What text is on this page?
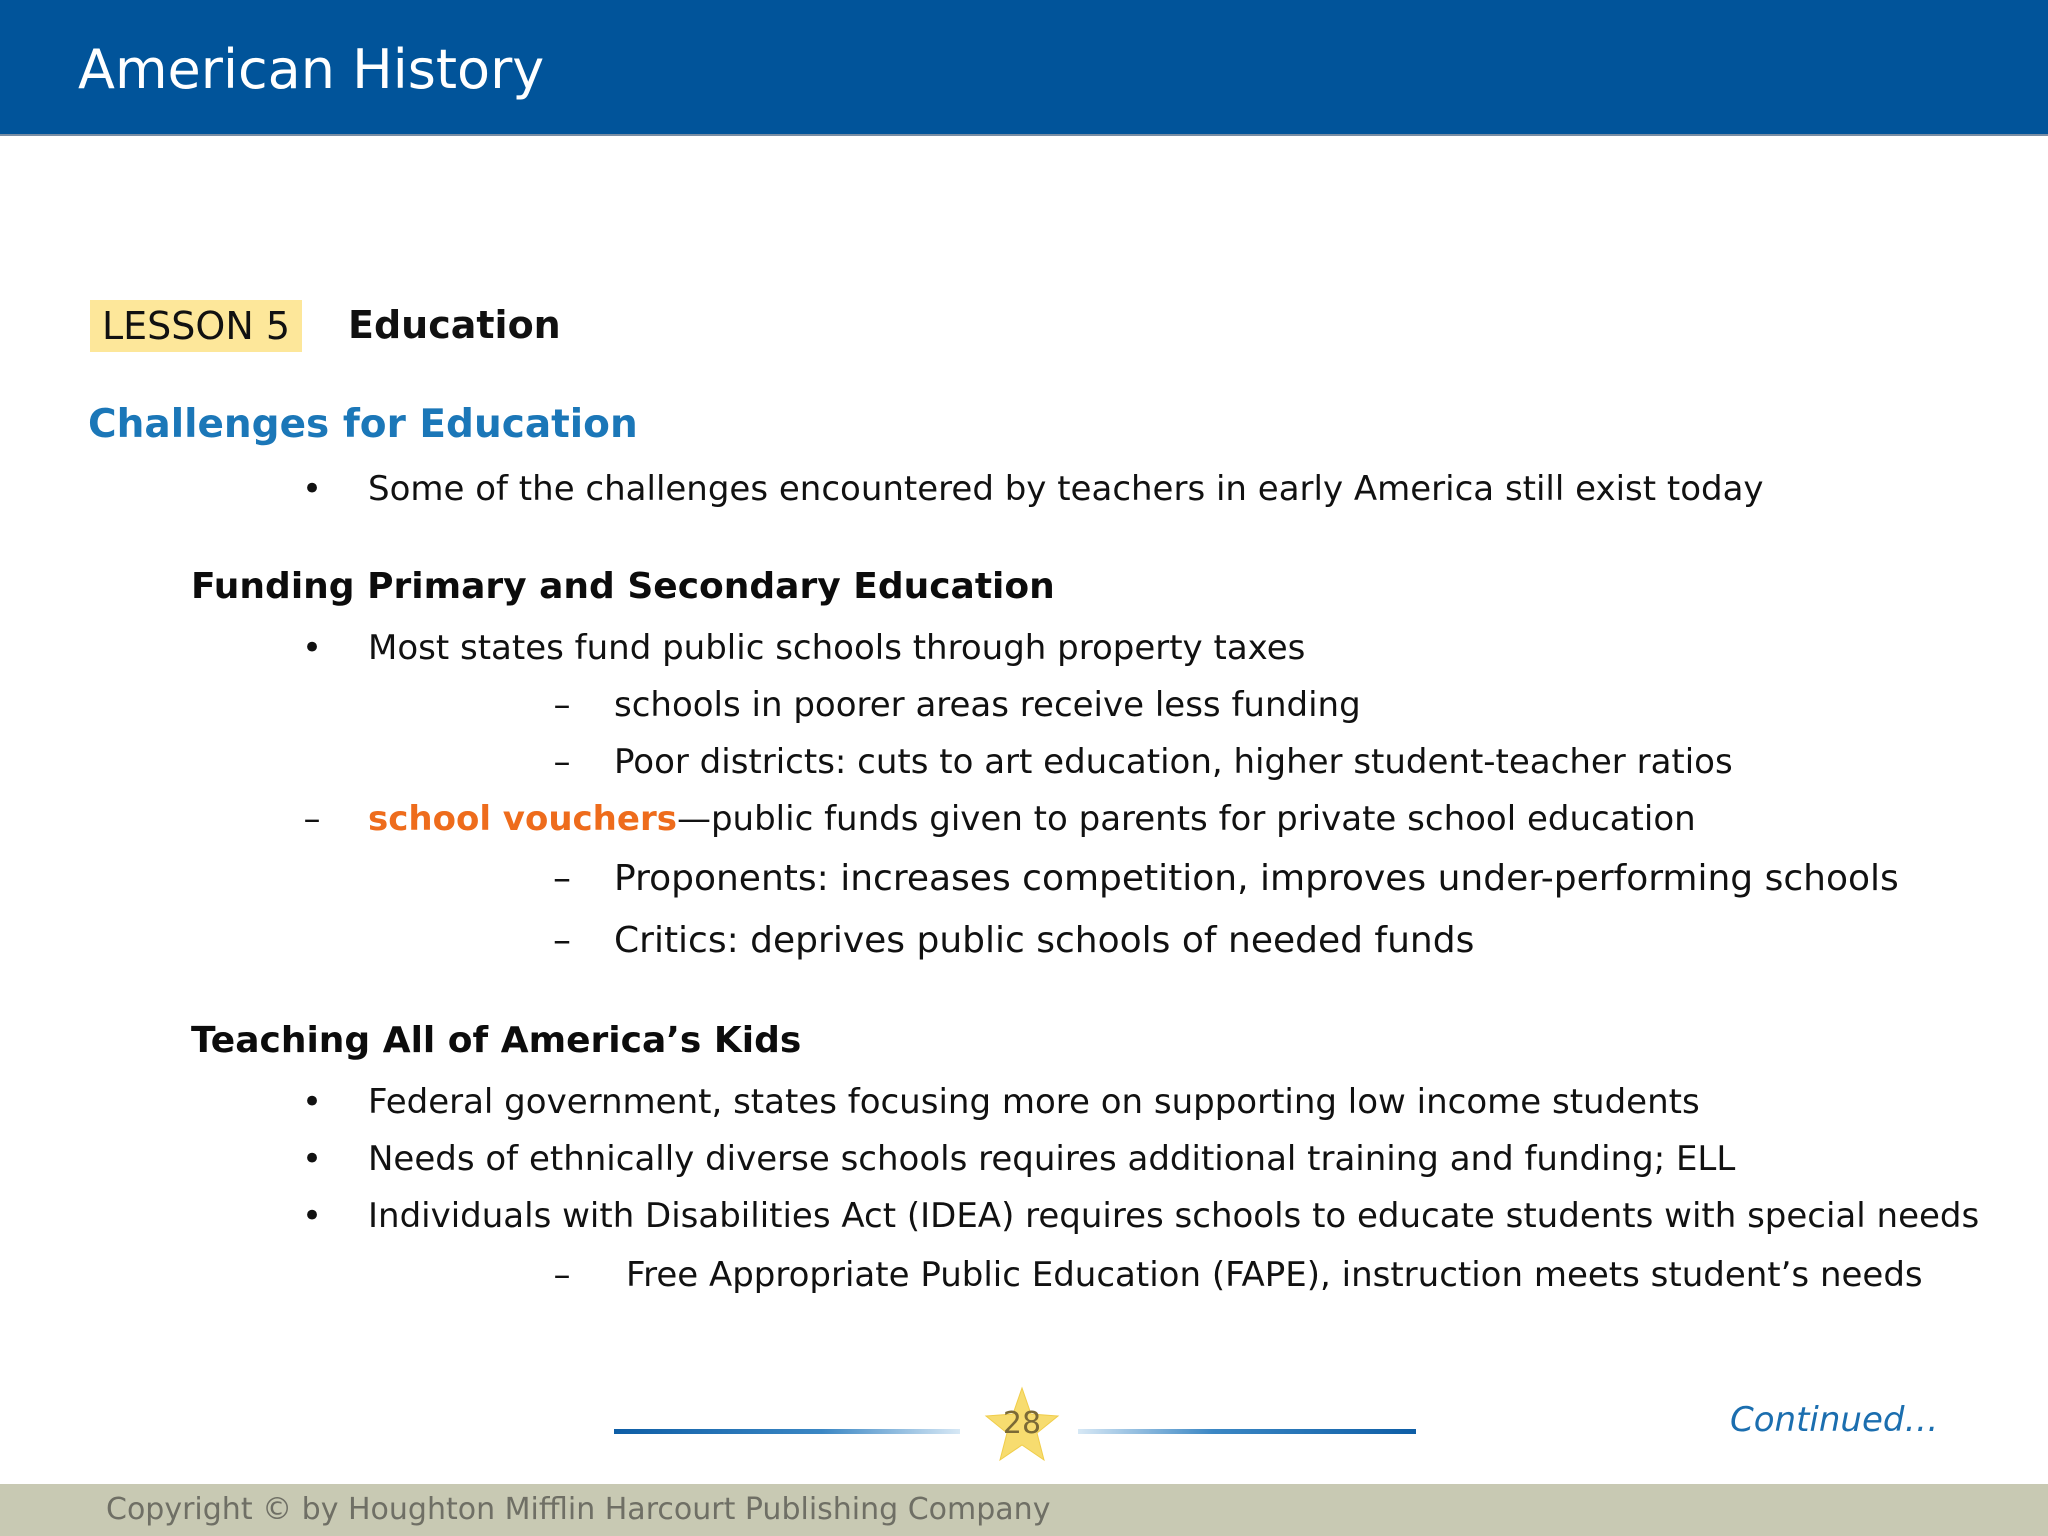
American History
LESSON 5	Education
Challenges for Education
• Some of the challenges encountered by teachers in early America still exist today
Funding Primary and Secondary Education
• Most states fund public schools through property taxes
–	schools in poorer areas receive less funding
–	Poor districts: cuts to art education, higher student-teacher ratios
–	school vouchers—public funds given to parents for private school education
–	Proponents: increases competition, improves under-performing schools
–	Critics: deprives public schools of needed funds
Teaching All of America’s Kids
• Federal government, states focusing more on supporting low income students
• Needs of ethnically diverse schools requires additional training and funding; ELL
• Individuals with Disabilities Act (IDEA) requires schools to educate students with special needs
–	Free Appropriate Public Education (FAPE), instruction meets student’s needs
28	Continued…
Copyright © by Houghton Mifflin Harcourt Publishing Company
